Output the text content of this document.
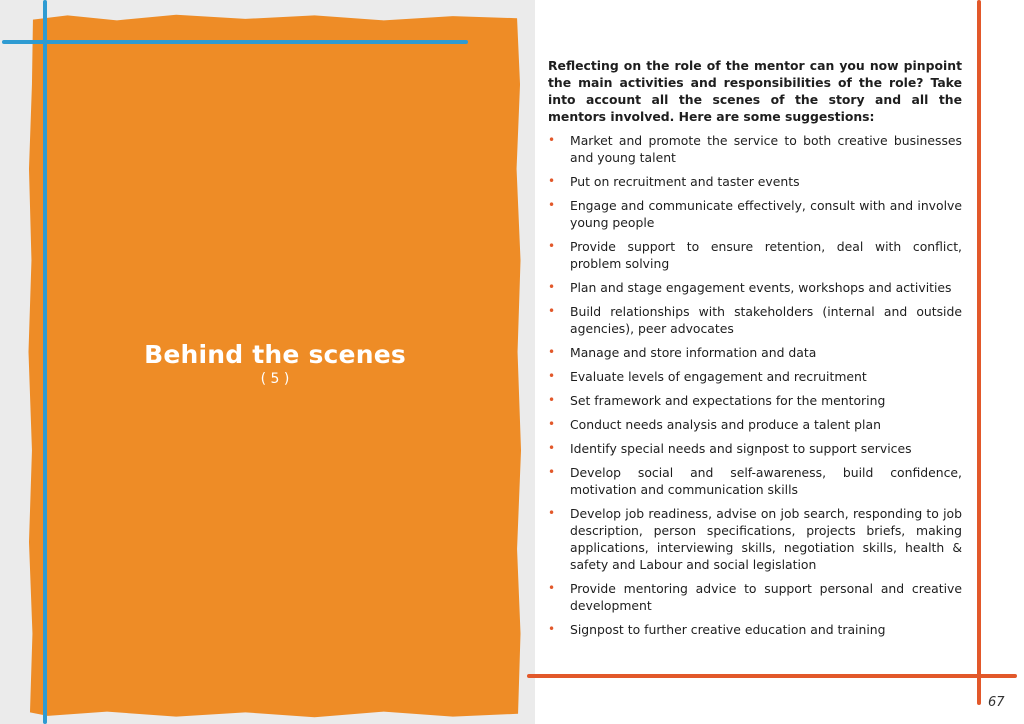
Behind the scenes
( 5 )

Reflecting on the role of the mentor can you now pinpoint the main activities and responsibilities of the role? Take into account all the scenes of the story and all the mentors involved. Here are some suggestions:

• Market and promote the service to both creative businesses and young talent
• Put on recruitment and taster events
• Engage and communicate effectively, consult with and involve young people
• Provide support to ensure retention, deal with conflict, problem solving
• Plan and stage engagement events, workshops and activities
• Build relationships with stakeholders (internal and outside agencies), peer advocates
• Manage and store information and data
• Evaluate levels of engagement and recruitment
• Set framework and expectations for the mentoring
• Conduct needs analysis and produce a talent plan
• Identify special needs and signpost to support services
• Develop social and self-awareness, build confidence, motivation and communication skills
• Develop job readiness, advise on job search, responding to job description, person specifications, projects briefs, making applications, interviewing skills, negotiation skills, health & safety and Labour and social legislation
• Provide mentoring advice to support personal and creative development
• Signpost to further creative education and training
67
